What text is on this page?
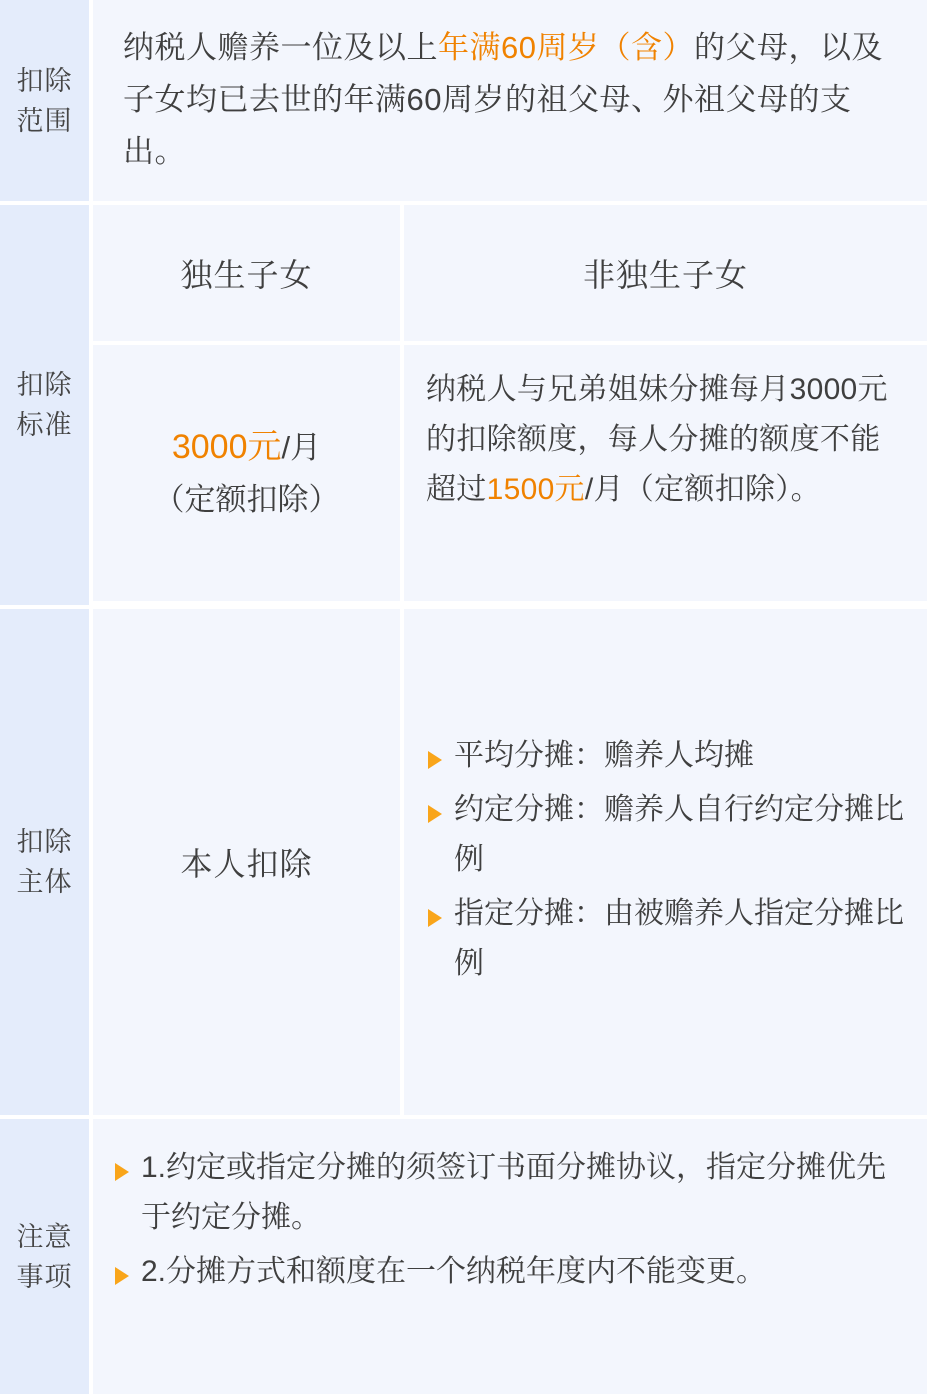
扣除
范围
纳税人赡养一位及以上年满60周岁（含）的父母，以及子女均已去世的年满60周岁的祖父母、外祖父母的支出。
扣除
标准
独生子女	非独生子女
3000元/月
（定额扣除）
纳税人与兄弟姐妹分摊每月3000元的扣除额度，每人分摊的额度不能超过1500元/月（定额扣除）。
扣除
主体	本人扣除
平均分摊：赡养人均摊
约定分摊：赡养人自行约定分摊比例
指定分摊：由被赡养人指定分摊比例
注意
事项
1.约定或指定分摊的须签订书面分摊协议，指定分摊优先于约定分摊。
2.分摊方式和额度在一个纳税年度内不能变更。
